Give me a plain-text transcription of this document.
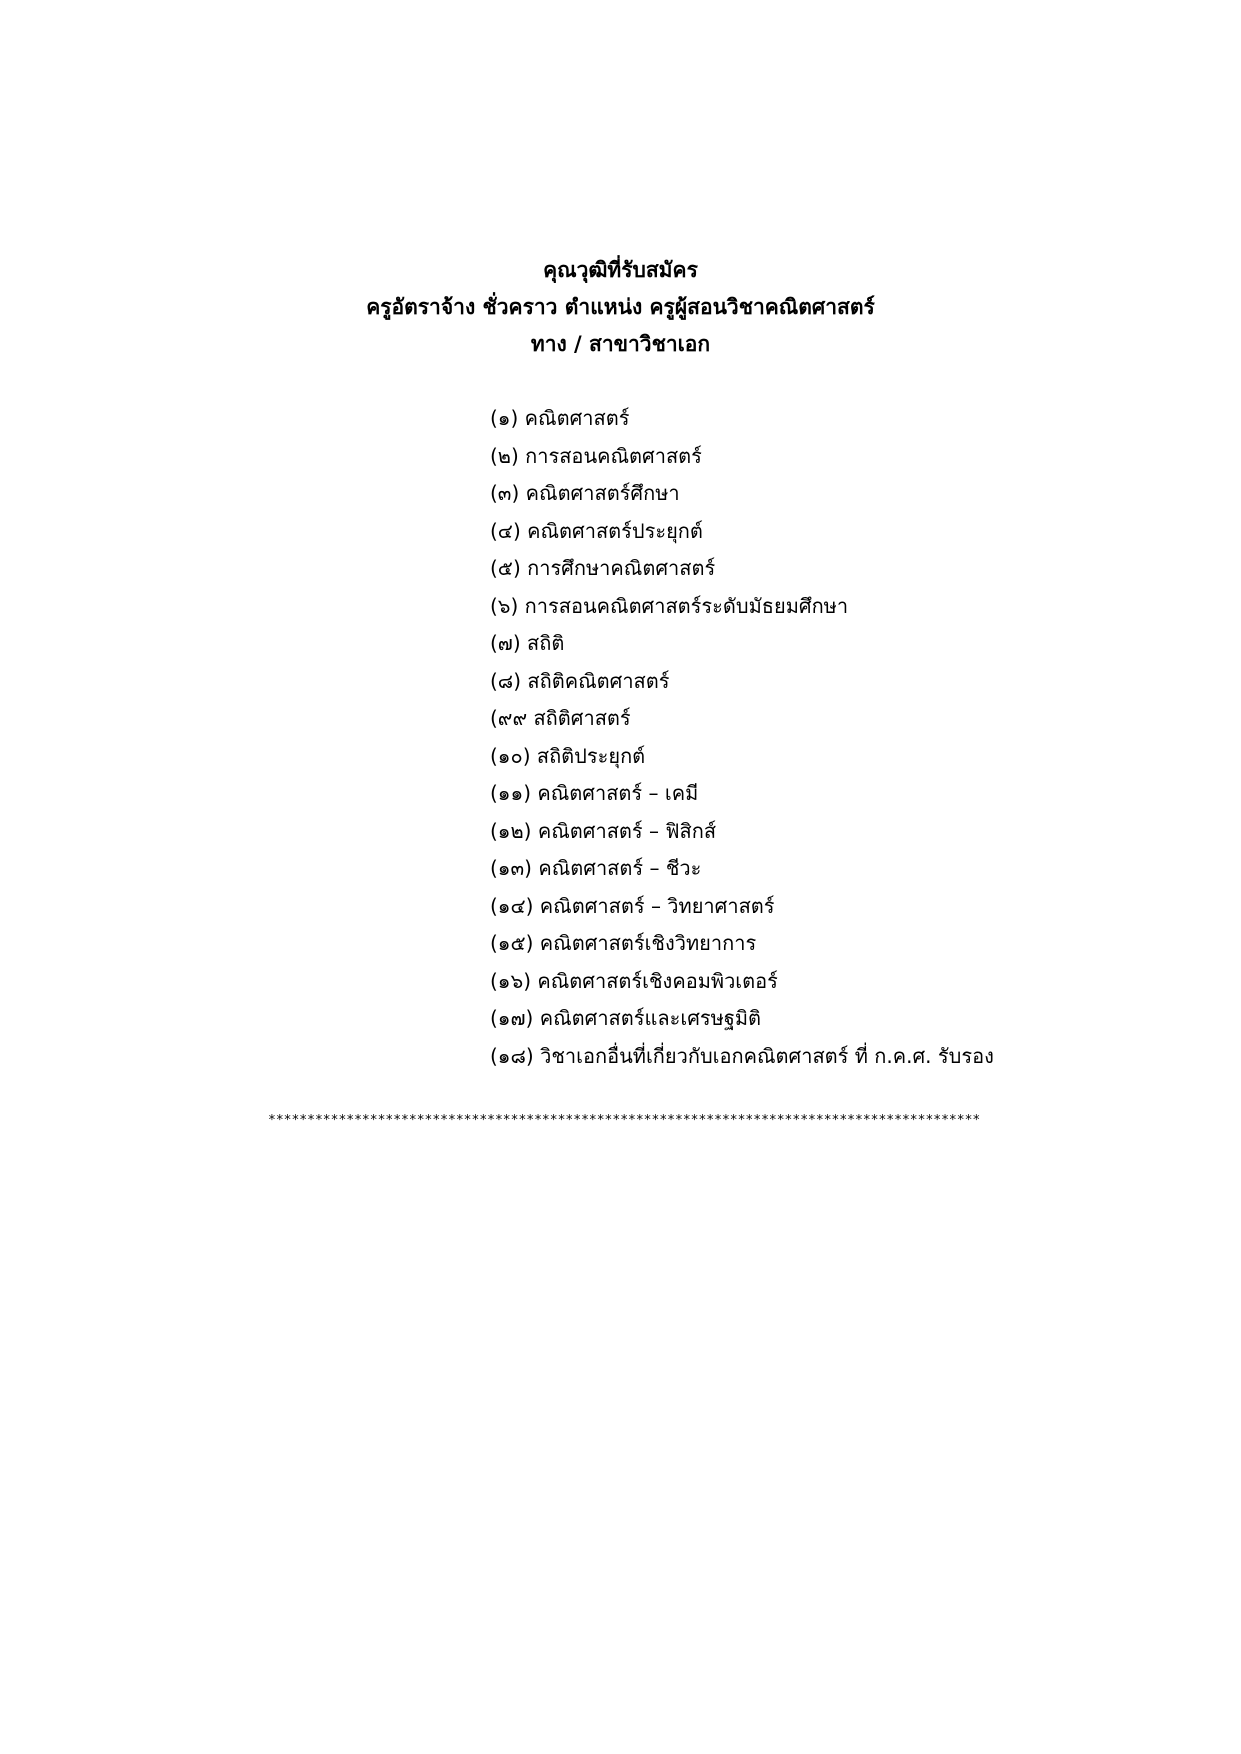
คุณวุฒิที่รับสมัคร
ครูอัตราจ้าง ชั่วคราว ตำแหน่ง ครูผู้สอนวิชาคณิตศาสตร์
ทาง / สาขาวิชาเอก
(๑) คณิตศาสตร์
(๒) การสอนคณิตศาสตร์
(๓) คณิตศาสตร์ศึกษา
(๔) คณิตศาสตร์ประยุกต์
(๕) การศึกษาคณิตศาสตร์
(๖) การสอนคณิตศาสตร์ระดับมัธยมศึกษา
(๗) สถิติ
(๘) สถิติคณิตศาสตร์
(๙๙ สถิติศาสตร์
(๑๐) สถิติประยุกต์
(๑๑) คณิตศาสตร์ – เคมี
(๑๒) คณิตศาสตร์ – ฟิสิกส์
(๑๓) คณิตศาสตร์ – ชีวะ
(๑๔) คณิตศาสตร์ – วิทยาศาสตร์
(๑๕) คณิตศาสตร์เชิงวิทยาการ
(๑๖) คณิตศาสตร์เชิงคอมพิวเตอร์
(๑๗) คณิตศาสตร์และเศรษฐมิติ
(๑๘) วิชาเอกอื่นที่เกี่ยวกับเอกคณิตศาสตร์ ที่ ก.ค.ศ. รับรอง
*******************************************************************************************
